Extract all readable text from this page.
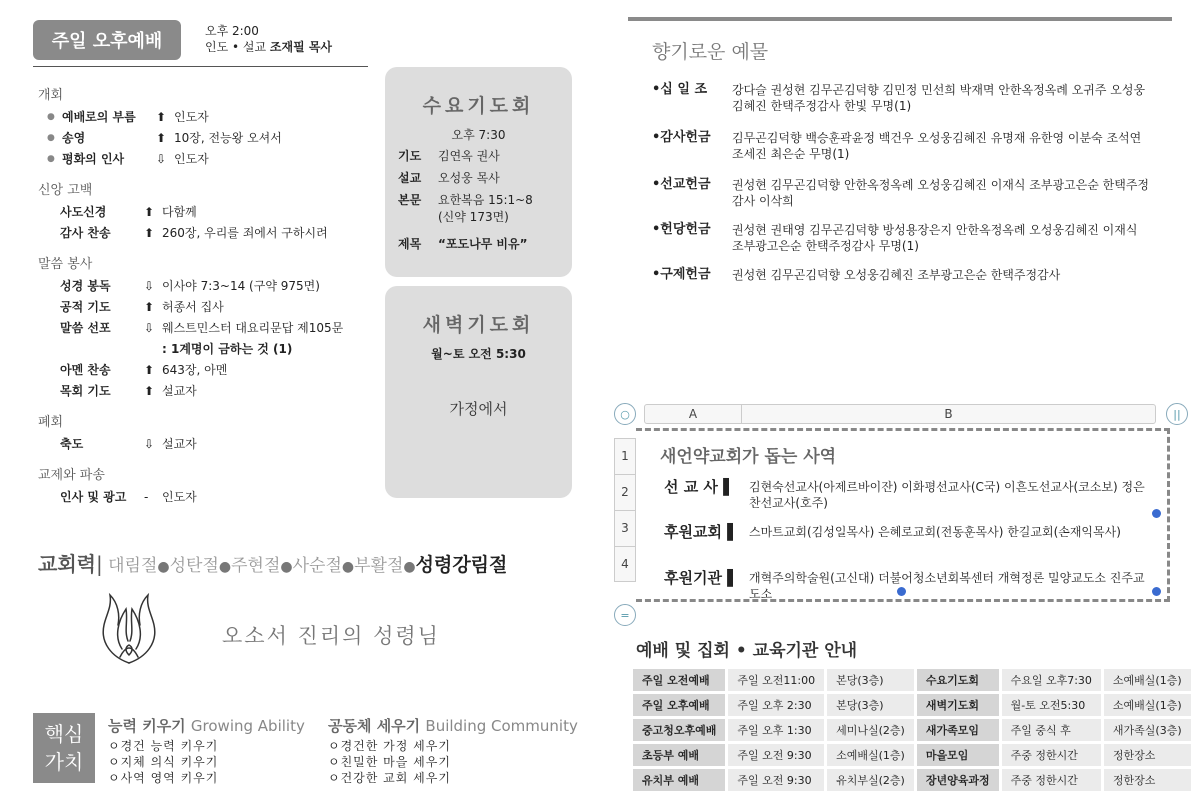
주일 오후예배	오후 2:00
인도 • 설교 조재필 목사
개회
● 예배로의 부름	⬆ 인도자
● 송영	⬆ 10장, 전능왕 오셔서
● 평화의 인사	⇩ 인도자
신앙 고백
사도신경	⬆ 다함께
감사 찬송	⬆ 260장, 우리를 죄에서 구하시려
말씀 봉사
성경 봉독	⇩ 이사야 7:3~14 (구약 975면)
공적 기도	⬆ 허종서 집사
말씀 선포	⇩ 웨스트민스터 대요리문답 제105문
: 1계명이 금하는 것 (1)
아멘 찬송	⬆ 643장, 아멘
목회 기도	⬆ 설교자
폐회
축도	⇩ 설교자
교제와 파송
인사 및 광고	-	인도자
수요기도회
오후 7:30
기도	김연옥 권사
설교	오성웅 목사
본문	요한복음 15:1~8
(신약 173면)
제목	“포도나무 비유”
새벽기도회
월~토 오전 5:30
가정에서
교회력| 대림절●성탄절●주현절●사순절●부활절●성령강림절
오소서 진리의 성령님
핵심
가치
능력 키우기 Growing Ability
ㅇ경건 능력 키우기
ㅇ지체 의식 키우기
ㅇ사역 영역 키우기
공동체 세우기 Building Community
ㅇ경건한 가정 세우기
ㅇ친밀한 마을 세우기
ㅇ건강한 교회 세우기
향기로운 예물
•십 일 조	강다슬 권성현 김무곤김덕향 김민정 민선희 박재멱 안한옥정옥례 오귀주 오성웅김혜진 한택주정감사 한빛 무명(1)
•감사헌금	김무곤김덕향 백승훈곽윤정 백건우 오성웅김혜진 유명재 유한영 이분숙 조석연 조세진 최은순 무명(1)
•선교헌금	권성현 김무곤김덕향 안한옥정옥례 오성웅김혜진 이재식 조부광고은순 한택주정감사 이삭희
•헌당헌금	권성현 권태영 김무곤김덕향 방성용장은지 안한옥정옥례 오성웅김혜진 이재식 조부광고은순 한택주정감사 무명(1)
•구제헌금	권성현 김무곤김덕향 오성웅김혜진 조부광고은순 한택주정감사
○	A	B	||
1
2
3
4
=
새언약교회가 돕는 사역
선 교 사 ▌	김현숙선교사(아제르바이잔) 이화평선교사(C국) 이흔도선교사(코소보) 정은찬선교사(호주)
후원교회 ▌ 스마트교회(김성일목사) 은혜로교회(전동훈목사) 한길교회(손재익목사)
후원기관 ▌ 개혁주의학술원(고신대) 더불어청소년회복센터 개혁정론 밀양교도소 진주교도소
예배 및 집회 • 교육기관 안내
주일 오전예배	주일 오전11:00	본당(3층)	수요기도회	수요일 오후7:30	소예배실(1층)
주일 오후예배	주일 오후 2:30	본당(3층)	새벽기도회	월-토 오전5:30	소예배실(1층)
중고청오후예배	주일 오후 1:30	세미나실(2층)	새가족모임	주일 중식 후	새가족실(3층)
초등부 예배	주일 오전 9:30	소예배실(1층)	마을모임	주중 정한시간	정한장소
유치부 예배	주일 오전 9:30	유치부실(2층)	장년양육과정	주중 정한시간	정한장소
